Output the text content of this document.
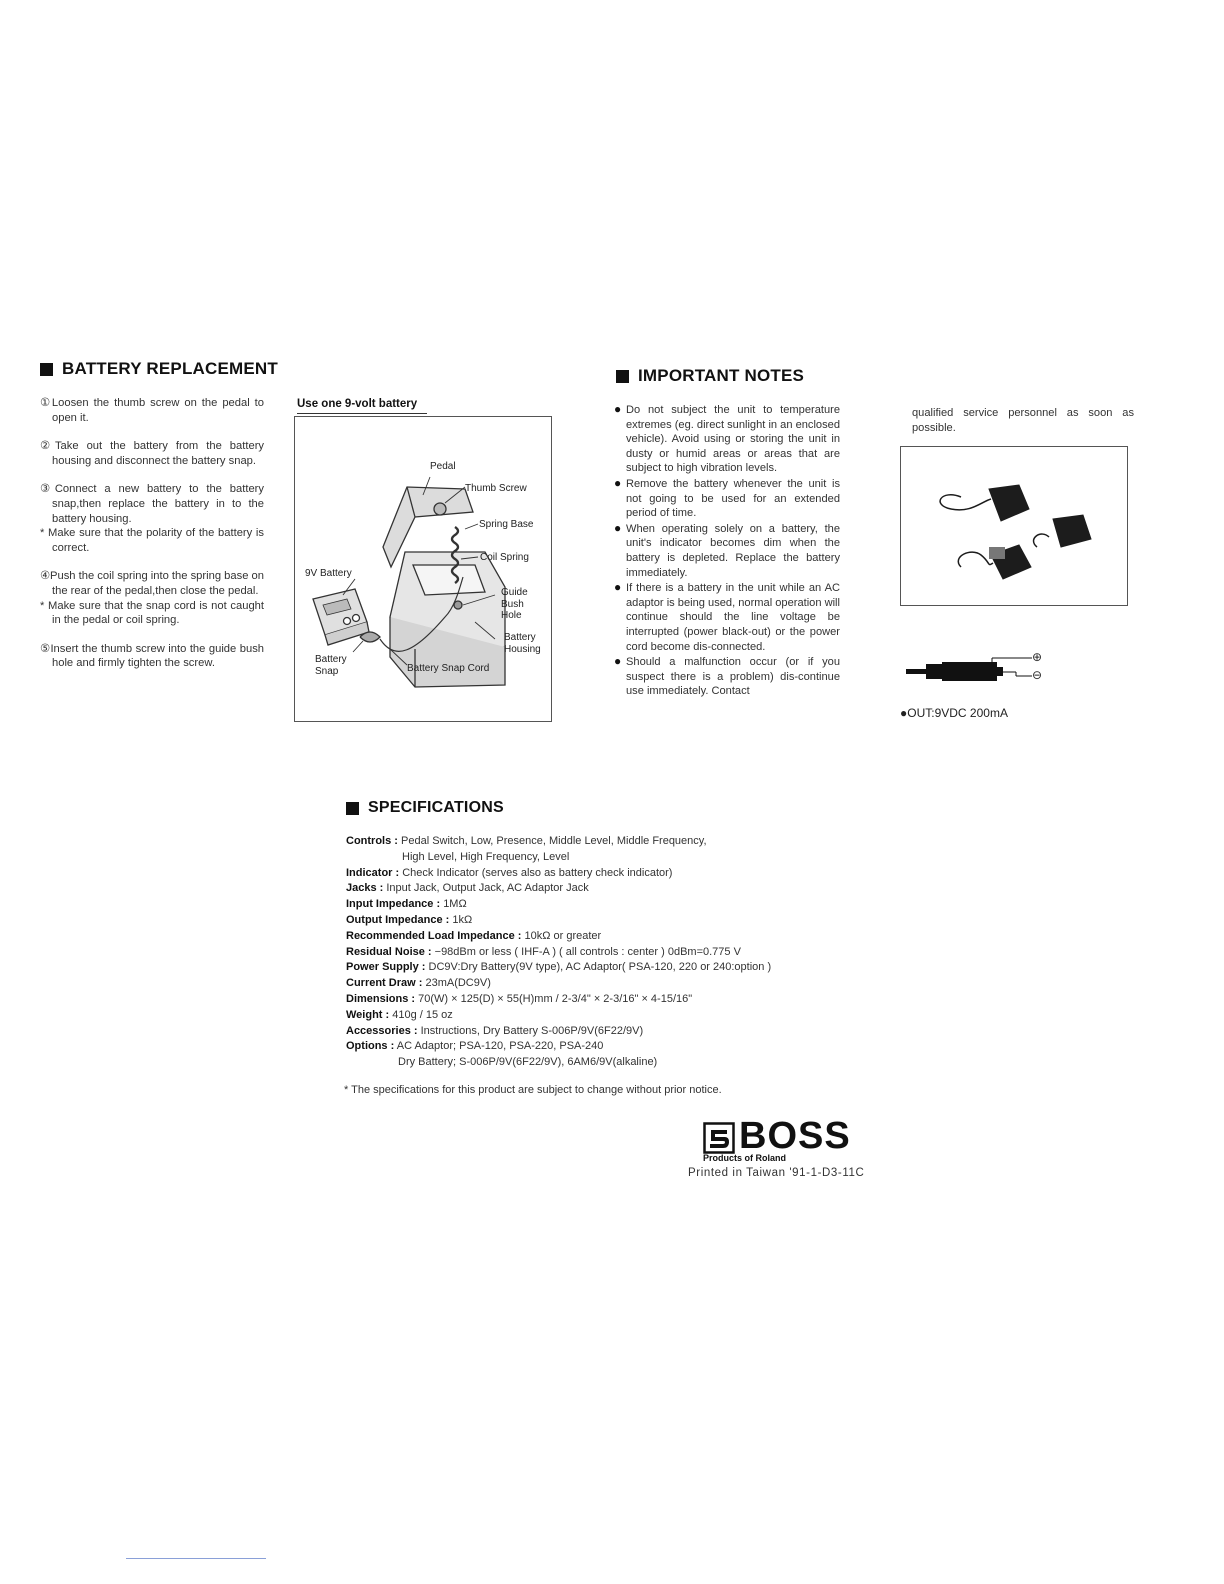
BATTERY REPLACEMENT
①Loosen the thumb screw on the pedal to open it.
②Take out the battery from the battery housing and disconnect the battery snap.
③Connect a new battery to the battery snap,then replace the battery in to the battery housing.
* Make sure that the polarity of the battery is correct.
④Push the coil spring into the spring base on the rear of the pedal,then close the pedal.
* Make sure that the snap cord is not caught in the pedal or coil spring.
⑤Insert the thumb screw into the guide bush hole and firmly tighten the screw.
Use one 9-volt battery
Pedal
Thumb Screw
Spring Base
Coil Spring
9V Battery
Guide
Bush
Hole
Battery
Housing
Battery
Snap	Battery Snap Cord
IMPORTANT NOTES
● Do not subject the unit to temperature extremes (eg. direct sunlight in an enclosed vehicle). Avoid using or storing the unit in dusty or humid areas or areas that are subject to high vibration levels.
● Remove the battery whenever the unit is not going to be used for an extended period of time.
● When operating solely on a battery, the unit's indicator becomes dim when the battery is depleted. Replace the battery immediately.
● If there is a battery in the unit while an AC adaptor is being used, normal operation will continue should the line voltage be interrupted (power black-out) or the power cord become dis-connected.
● Should a malfunction occur (or if you suspect there is a problem) dis-continue use immediately. Contact
qualified service personnel as soon as possible.
⊕
⊖
●OUT:9VDC 200mA
SPECIFICATIONS
Controls : Pedal Switch, Low, Presence, Middle Level, Middle Frequency,
High Level, High Frequency, Level
Indicator : Check Indicator (serves also as battery check indicator)
Jacks : Input Jack, Output Jack, AC Adaptor Jack
Input Impedance : 1MΩ
Output Impedance : 1kΩ
Recommended Load Impedance : 10kΩ or greater
Residual Noise : −98dBm or less ( IHF-A ) ( all controls : center ) 0dBm=0.775 V
Power Supply : DC9V:Dry Battery(9V type), AC Adaptor( PSA-120, 220 or 240:option )
Current Draw : 23mA(DC9V)
Dimensions : 70(W) × 125(D) × 55(H)mm / 2-3/4" × 2-3/16" × 4-15/16"
Weight : 410g / 15 oz
Accessories : Instructions, Dry Battery S-006P/9V(6F22/9V)
Options : AC Adaptor; PSA-120, PSA-220, PSA-240
Dry Battery; S-006P/9V(6F22/9V), 6AM6/9V(alkaline)
* The specifications for this product are subject to change without prior notice.
BOSS
Products of Roland
Printed in Taiwan '91-1-D3-11C
